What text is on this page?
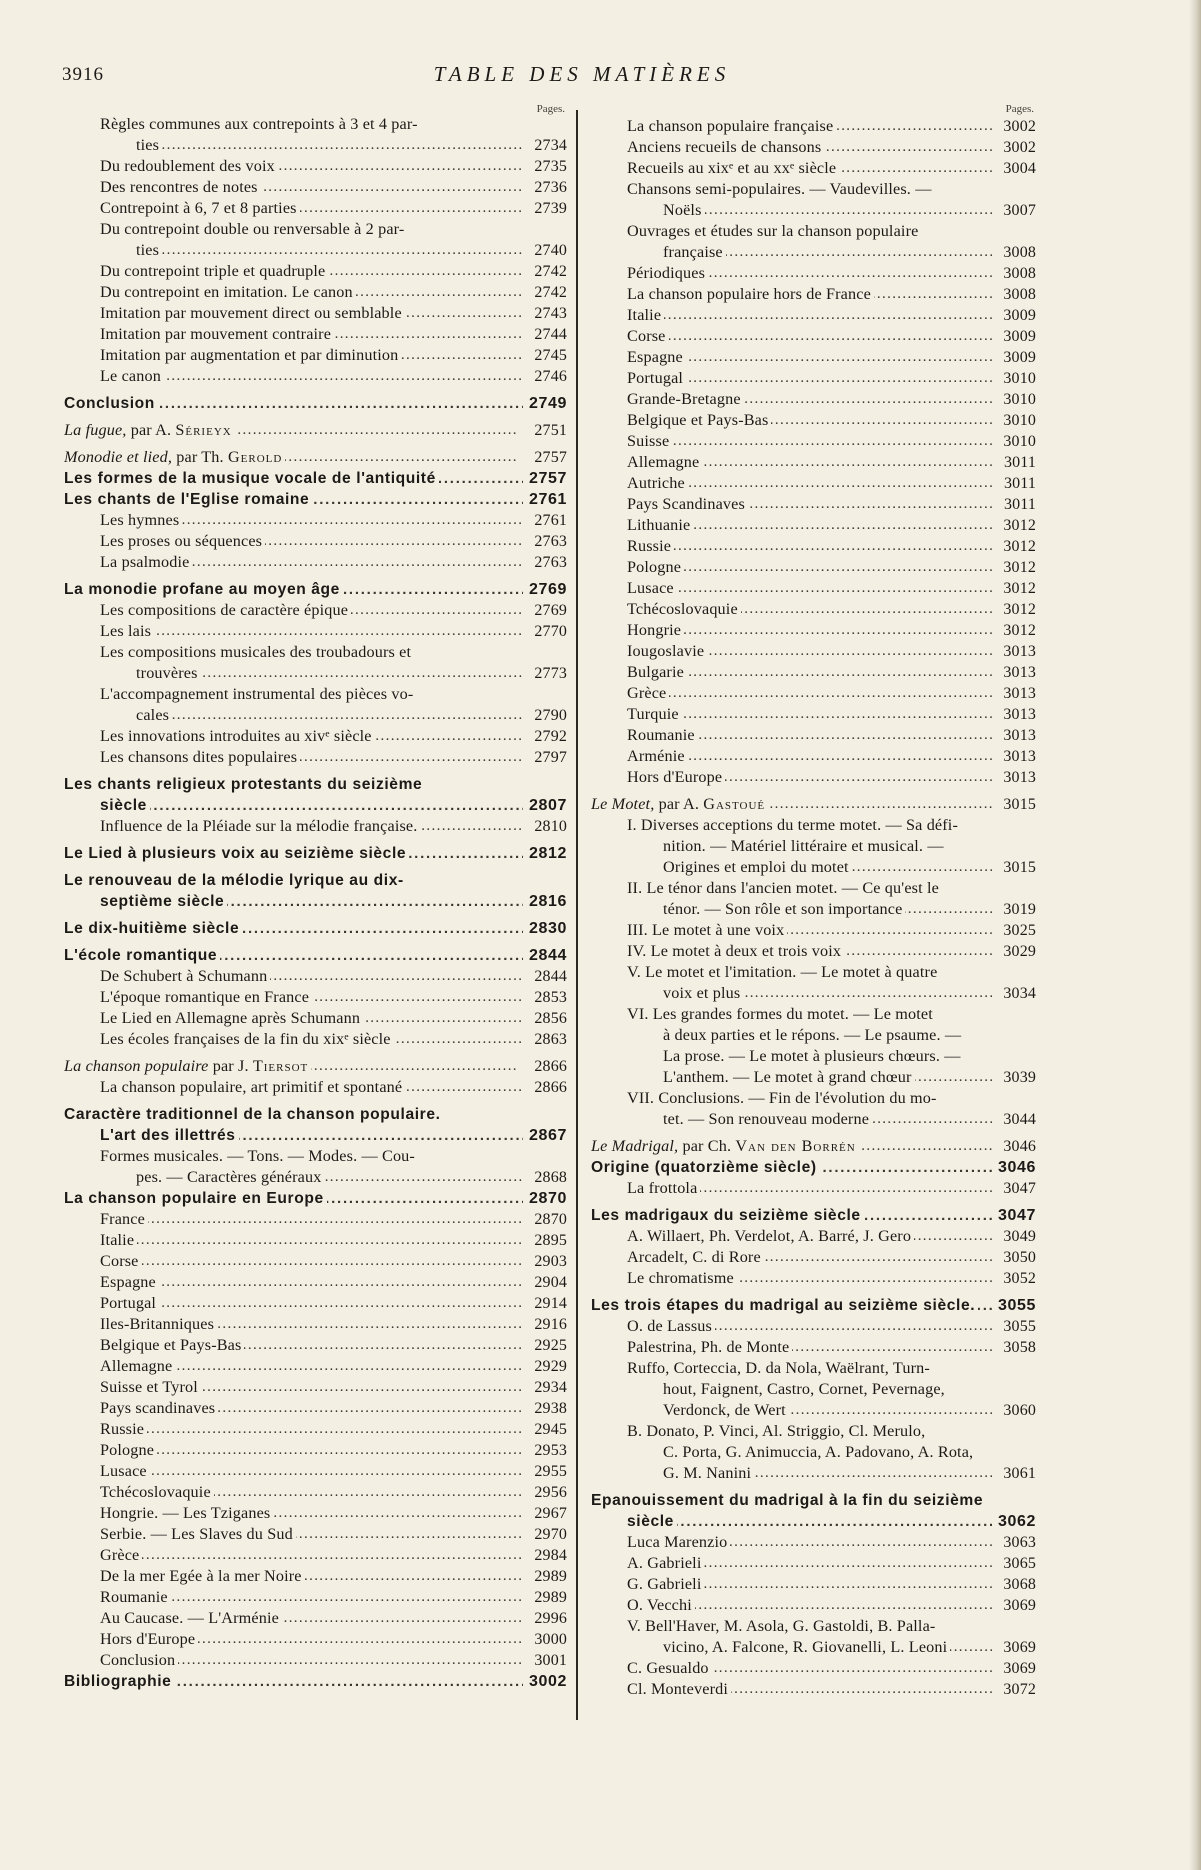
3916	TABLE DES MATIÈRES
Pages.
Règles communes aux contrepoints à 3 et 4 par-
ties . . .	2734
Du redoublement des voix . . .	2735
Des rencontres de notes . . .	2736
Contrepoint à 6, 7 et 8 parties . . .	2739
Du contrepoint double ou renversable à 2 par-
ties . . .	2740
Du contrepoint triple et quadruple . . .	2742
Du contrepoint en imitation. Le canon . . .	2742
Imitation par mouvement direct ou semblable . . .	2743
Imitation par mouvement contraire . . .	2744
Imitation par augmentation et par diminution . . .	2745
Le canon . . .	2746
Conclusion . . .	2749
La fugue, par A. Sérieyx . . .	2751
Monodie et lied, par Th. Gerold . . .	2757
Les formes de la musique vocale de l'antiquité . . .	2757
Les chants de l'Eglise romaine . . .	2761
Les hymnes . . .	2761
Les proses ou séquences . . .	2763
La psalmodie . . .	2763
La monodie profane au moyen âge . . .	2769
Les compositions de caractère épique . . .	2769
Les lais . . .	2770
Les compositions musicales des troubadours et
trouvères . . .	2773
L'accompagnement instrumental des pièces vo-
cales . . .	2790
Les innovations introduites au xivᵉ siècle . . .	2792
Les chansons dites populaires . . .	2797
Les chants religieux protestants du seizième
siècle . . .	2807
Influence de la Pléiade sur la mélodie française. . . .	2810
Le Lied à plusieurs voix au seizième siècle . . .	2812
Le renouveau de la mélodie lyrique au dix-
septième siècle . . .	2816
Le dix-huitième siècle . . .	2830
L'école romantique . . .	2844
De Schubert à Schumann . . .	2844
L'époque romantique en France . . .	2853
Le Lied en Allemagne après Schumann . . .	2856
Les écoles françaises de la fin du xixᵉ siècle . . .	2863
La chanson populaire par J. Tiersot . . .	2866
La chanson populaire, art primitif et spontané . . .	2866
Caractère traditionnel de la chanson populaire.
L'art des illettrés . . .	2867
Formes musicales. — Tons. — Modes. — Cou-
pes. — Caractères généraux . . .	2868
La chanson populaire en Europe . . .	2870
France . . .	2870
Italie . . .	2895
Corse . . .	2903
Espagne . . .	2904
Portugal . . .	2914
Iles-Britanniques . . .	2916
Belgique et Pays-Bas . . .	2925
Allemagne . . .	2929
Suisse et Tyrol . . .	2934
Pays scandinaves . . .	2938
Russie . . .	2945
Pologne . . .	2953
Lusace . . .	2955
Tchécoslovaquie . . .	2956
Hongrie. — Les Tziganes . . .	2967
Serbie. — Les Slaves du Sud . . .	2970
Grèce . . .	2984
De la mer Egée à la mer Noire . . .	2989
Roumanie . . .	2989
Au Caucase. — L'Arménie . . .	2996
Hors d'Europe . . .	3000
Conclusion . . .	3001
Bibliographie . . .	3002
Pages.
La chanson populaire française . . .	3002
Anciens recueils de chansons . . .	3002
Recueils au xixᵉ et au xxᵉ siècle . . .	3004
Chansons semi-populaires. — Vaudevilles. —
Noëls . . .	3007
Ouvrages et études sur la chanson populaire
française . . .	3008
Périodiques . . .	3008
La chanson populaire hors de France . . .	3008
Italie . . .	3009
Corse . . .	3009
Espagne . . .	3009
Portugal . . .	3010
Grande-Bretagne . . .	3010
Belgique et Pays-Bas . . .	3010
Suisse . . .	3010
Allemagne . . .	3011
Autriche . . .	3011
Pays Scandinaves . . .	3011
Lithuanie . . .	3012
Russie . . .	3012
Pologne . . .	3012
Lusace . . .	3012
Tchécoslovaquie . . .	3012
Hongrie . . .	3012
Iougoslavie . . .	3013
Bulgarie . . .	3013
Grèce . . .	3013
Turquie . . .	3013
Roumanie . . .	3013
Arménie . . .	3013
Hors d'Europe . . .	3013
Le Motet, par A. Gastoué . . .	3015
I. Diverses acceptions du terme motet. — Sa défi-
nition. — Matériel littéraire et musical. —
Origines et emploi du motet . . .	3015
II. Le ténor dans l'ancien motet. — Ce qu'est le
ténor. — Son rôle et son importance . . .	3019
III. Le motet à une voix . . .	3025
IV. Le motet à deux et trois voix . . .	3029
V. Le motet et l'imitation. — Le motet à quatre
voix et plus . . .	3034
VI. Les grandes formes du motet. — Le motet
à deux parties et le répons. — Le psaume. —
La prose. — Le motet à plusieurs chœurs. —
L'anthem. — Le motet à grand chœur . . .	3039
VII. Conclusions. — Fin de l'évolution du mo-
tet. — Son renouveau moderne . . .	3044
Le Madrigal, par Ch. Van den Borrén . . .	3046
Origine (quatorzième siècle) . . .	3046
La frottola . . .	3047
Les madrigaux du seizième siècle . . .	3047
A. Willaert, Ph. Verdelot, A. Barré, J. Gero . . .	3049
Arcadelt, C. di Rore . . .	3050
Le chromatisme . . .	3052
Les trois étapes du madrigal au seizième siècle. . . .	3055
O. de Lassus . . .	3055
Palestrina, Ph. de Monte . . .	3058
Ruffo, Corteccia, D. da Nola, Waëlrant, Turn-
hout, Faignent, Castro, Cornet, Pevernage,
Verdonck, de Wert . . .	3060
B. Donato, P. Vinci, Al. Striggio, Cl. Merulo,
C. Porta, G. Animuccia, A. Padovano, A. Rota,
G. M. Nanini . . .	3061
Epanouissement du madrigal à la fin du seizième
siècle . . .	3062
Luca Marenzio . . .	3063
A. Gabrieli . . .	3065
G. Gabrieli . . .	3068
O. Vecchi . . .	3069
V. Bell'Haver, M. Asola, G. Gastoldi, B. Palla-
vicino, A. Falcone, R. Giovanelli, L. Leoni . . .	3069
C. Gesualdo . . .	3069
Cl. Monteverdi . . .	3072
